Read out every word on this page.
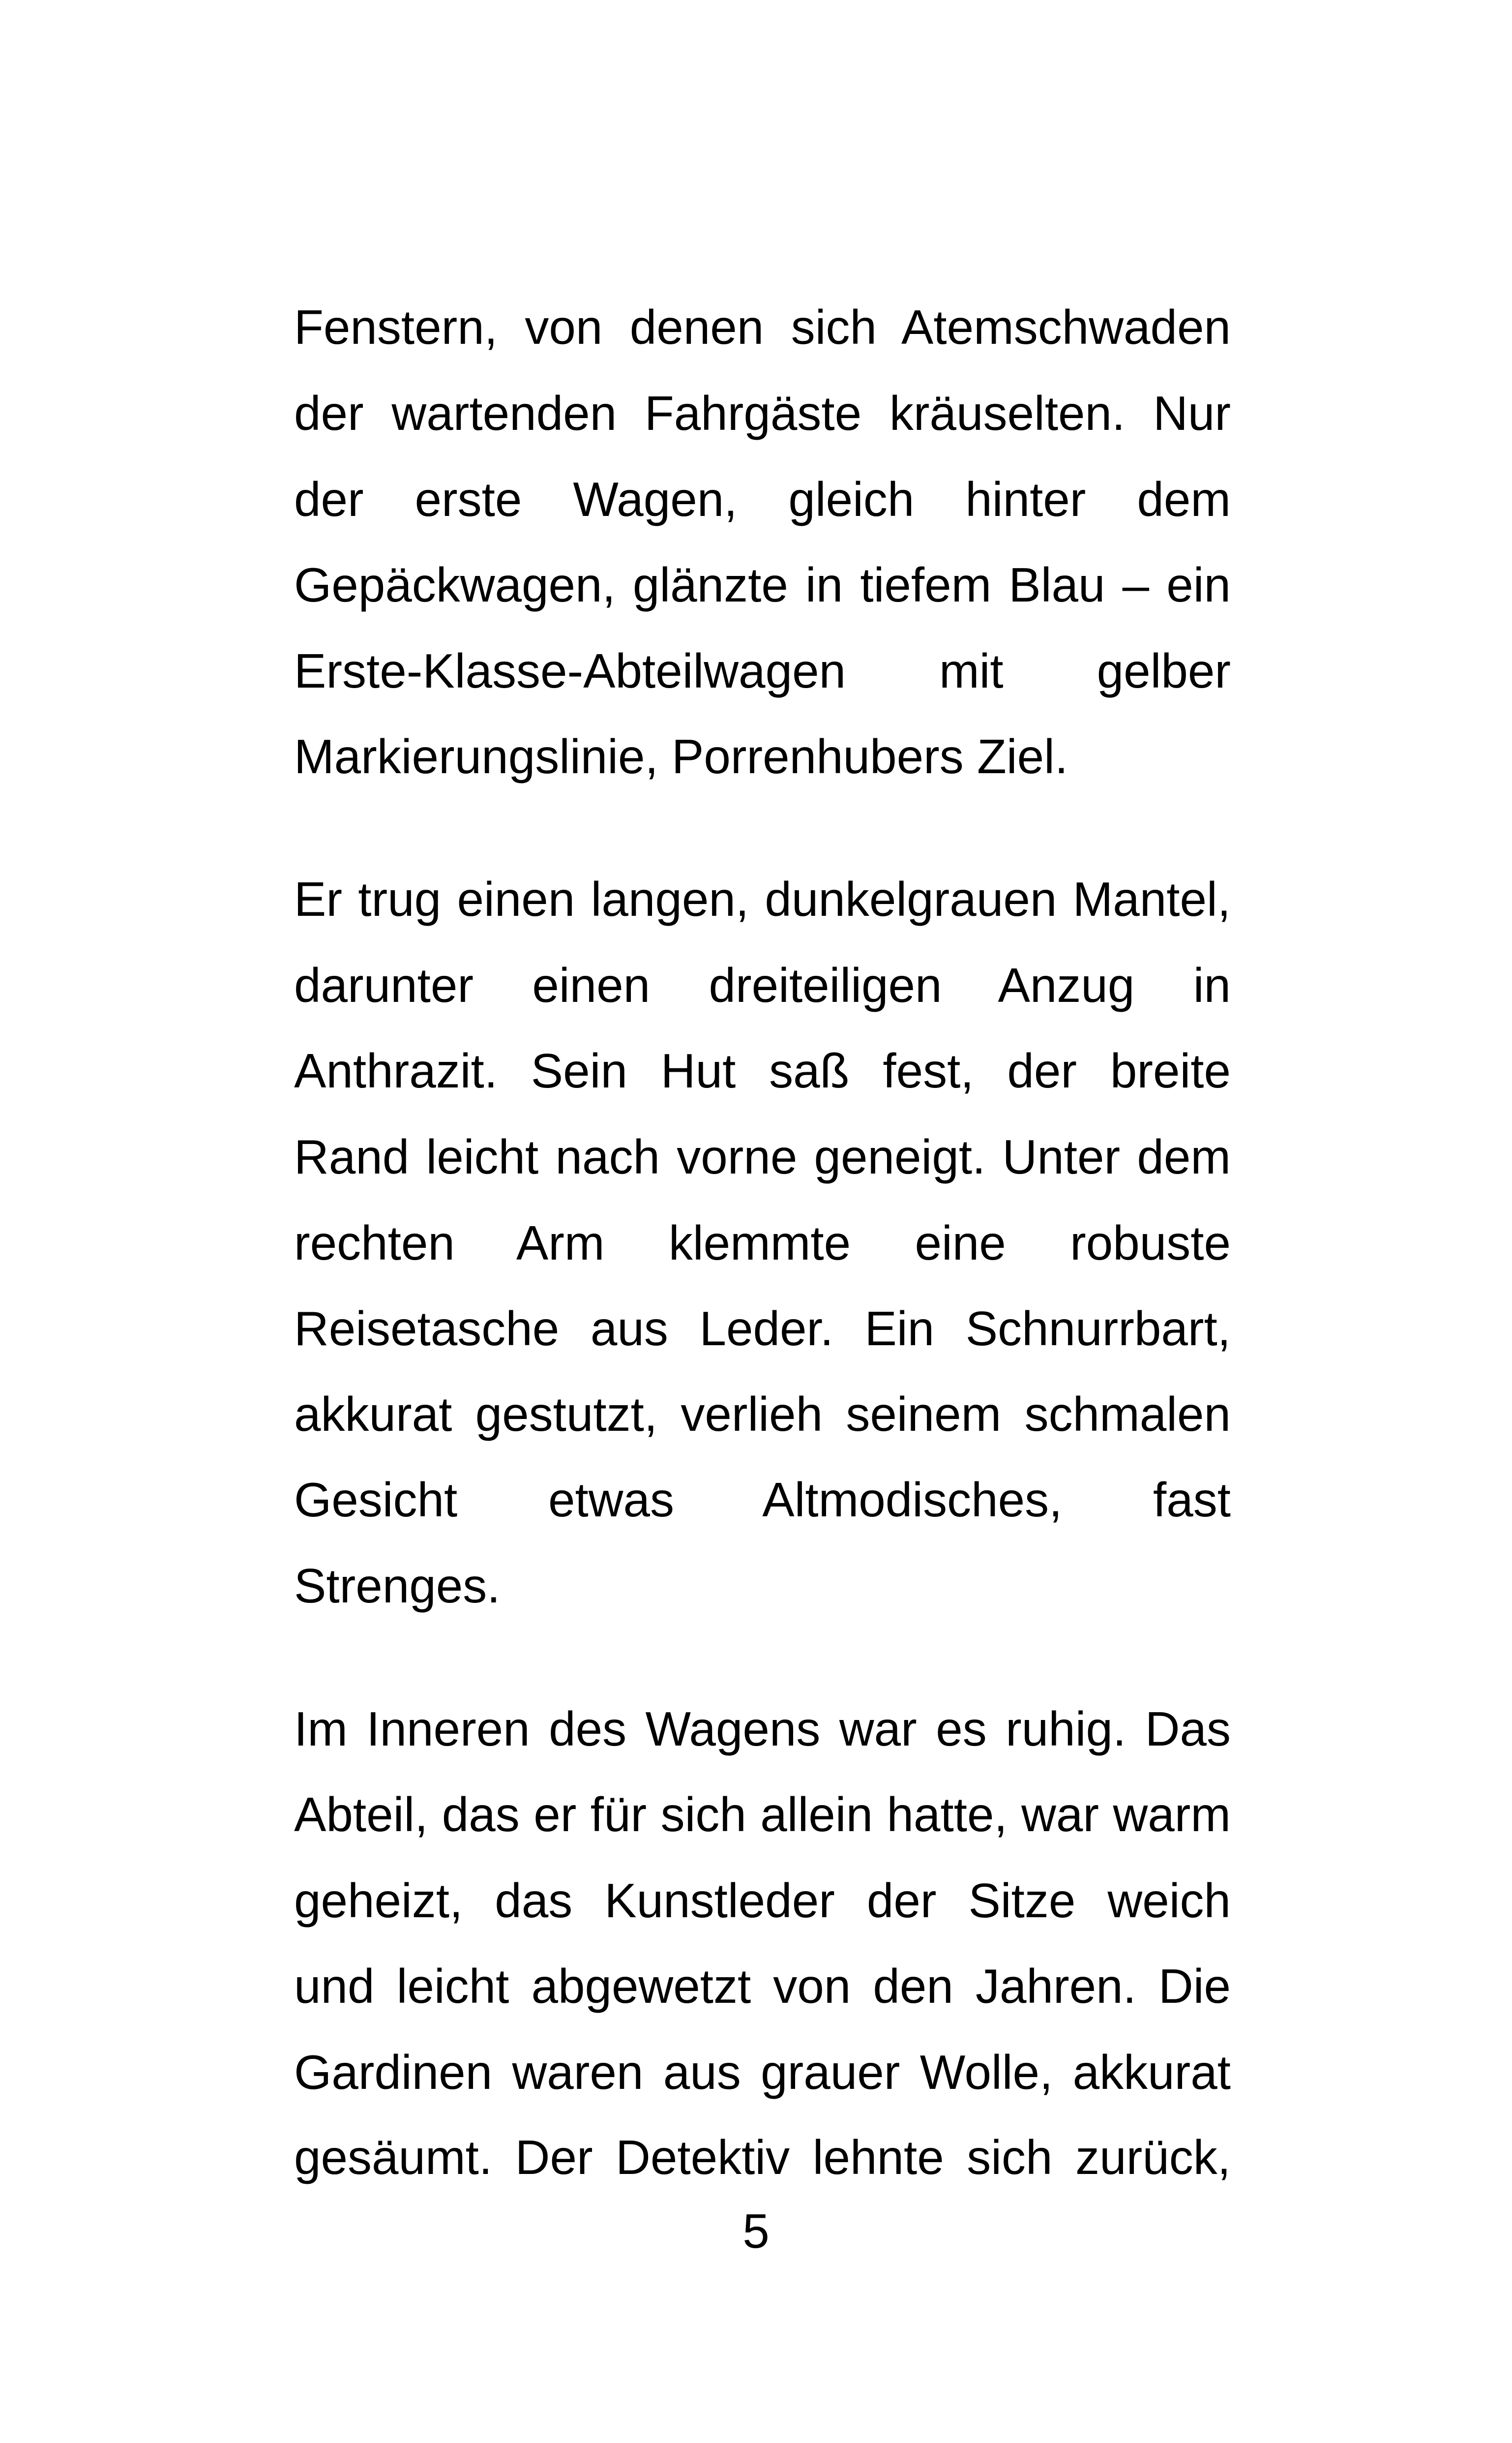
Fenstern, von denen sich Atemschwaden

der wartenden Fahrgäste kräuselten. Nur

der erste Wagen, gleich hinter dem

Gepäckwagen, glänzte in tiefem Blau – ein

Erste-Klasse-Abteilwagen mit gelber

Markierungslinie, Porrenhubers Ziel.

Er trug einen langen, dunkelgrauen Mantel,

darunter einen dreiteiligen Anzug in

Anthrazit. Sein Hut saß fest, der breite

Rand leicht nach vorne geneigt. Unter dem

rechten Arm klemmte eine robuste

Reisetasche aus Leder. Ein Schnurrbart,

akkurat gestutzt, verlieh seinem schmalen

Gesicht etwas Altmodisches, fast

Strenges.

Im Inneren des Wagens war es ruhig. Das

Abteil, das er für sich allein hatte, war warm

geheizt, das Kunstleder der Sitze weich

und leicht abgewetzt von den Jahren. Die

Gardinen waren aus grauer Wolle, akkurat

gesäumt. Der Detektiv lehnte sich zurück,

5
